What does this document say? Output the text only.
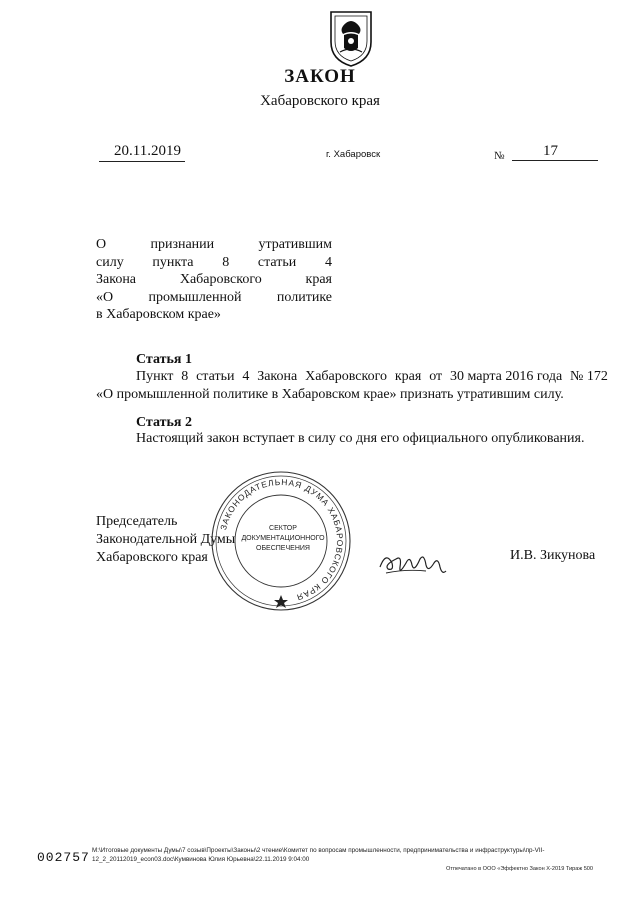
ЗАКОН
Хабаровского края
20.11.2019	г. Хабаровск	№	17
О	признании	утратившим
силу пункта 8 статьи 4
Закона	Хабаровского	края
«О	промышленной	политике
в Хабаровском крае»
Статья 1
Пункт 8 статьи 4 Закона Хабаровского края от 30 марта 2016 года № 172
«О промышленной политике в Хабаровском крае» признать утратившим силу.
Статья 2
Настоящий закон вступает в силу со дня его официального опубликования.
Председатель
Законодательной Думы
Хабаровского края
ЗАКОНОДАТЕЛЬНАЯ ДУМА ХАБАРОВСКОГО КРАЯ
СЕКТОР
ДОКУМЕНТАЦИОННОГО
ОБЕСПЕЧЕНИЯ	И.В. Зикунова
002757 М:\Итоговые документы Думы\7 созыв\Проекты\Законы\2 чтение\Комитет по вопросам промышленности, предпринимательства и инфраструктуры\пр-VII-
12_2_20112019_econ03.doc\Кумвинова Юлия Юрьевна\22.11.2019 9:04:00
Отпечатано в ООО «Эффектно Закон Х-2019 Тираж 500
